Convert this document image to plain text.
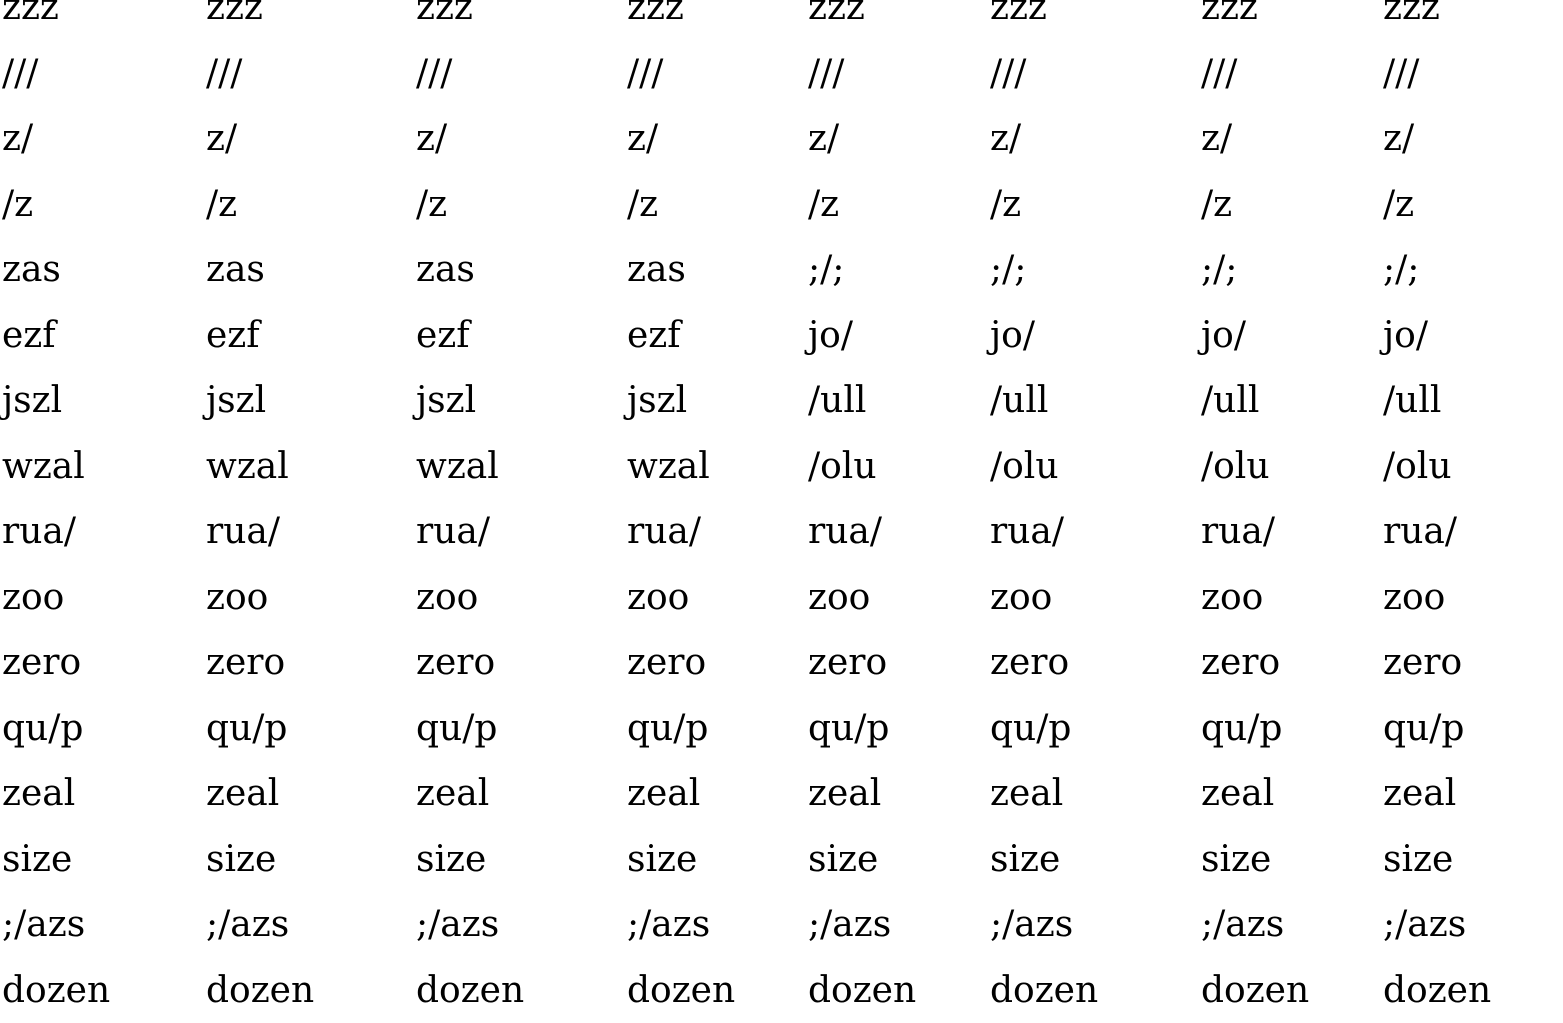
zzz
///
z/
/z
zas
ezf
jszl
wzal
rua/
zoo
zero
qu/p
zeal
size
;/azs
dozen
zzz
///
z/
/z
zas
ezf
jszl
wzal
rua/
zoo
zero
qu/p
zeal
size
;/azs
dozen
zzz
///
z/
/z
zas
ezf
jszl
wzal
rua/
zoo
zero
qu/p
zeal
size
;/azs
dozen
zzz
///
z/
/z
zas
ezf
jszl
wzal
rua/
zoo
zero
qu/p
zeal
size
;/azs
dozen
zzz
///
z/
/z
;/;
jo/
/ull
/olu
rua/
zoo
zero
qu/p
zeal
size
;/azs
dozen
zzz
///
z/
/z
;/;
jo/
/ull
/olu
rua/
zoo
zero
qu/p
zeal
size
;/azs
dozen
zzz
///
z/
/z
;/;
jo/
/ull
/olu
rua/
zoo
zero
qu/p
zeal
size
;/azs
dozen
zzz
///
z/
/z
;/;
jo/
/ull
/olu
rua/
zoo
zero
qu/p
zeal
size
;/azs
dozen
